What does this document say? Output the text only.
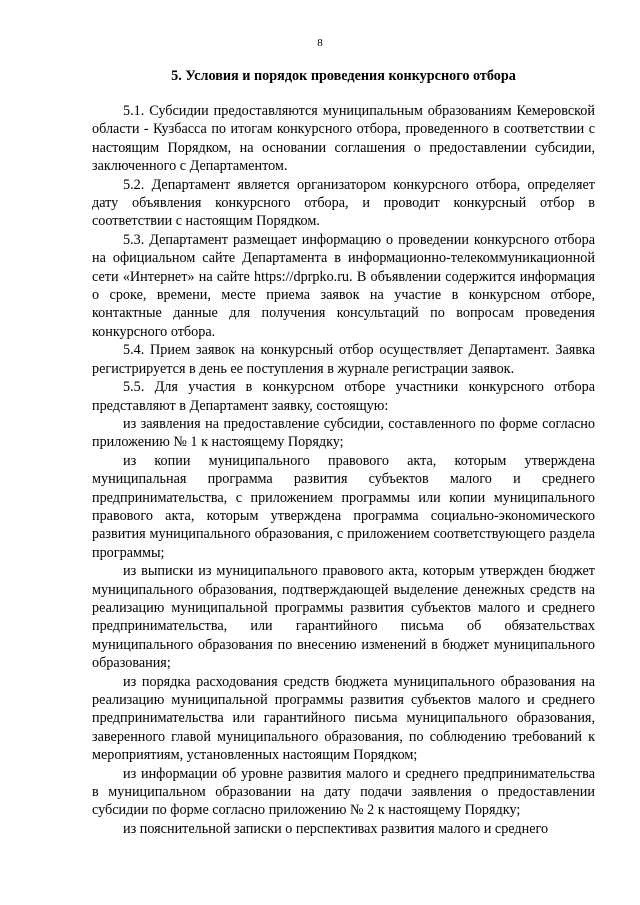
8
5. Условия и порядок проведения конкурсного отбора

5.1. Субсидии предоставляются муниципальным образованиям Кемеровской области - Кузбасса по итогам конкурсного отбора, проведенного в соответствии с настоящим Порядком, на основании соглашения о предоставлении субсидии, заключенного с Департаментом.

5.2. Департамент является организатором конкурсного отбора, определяет дату объявления конкурсного отбора, и проводит конкурсный отбор в соответствии с настоящим Порядком.

5.3. Департамент размещает информацию о проведении конкурсного отбора на официальном сайте Департамента в информационно-телекоммуникационной сети «Интернет» на сайте https://dprpko.ru. В объявлении содержится информация о сроке, времени, месте приема заявок на участие в конкурсном отборе, контактные данные для получения консультаций по вопросам проведения конкурсного отбора.

5.4. Прием заявок на конкурсный отбор осуществляет Департамент. Заявка регистрируется в день ее поступления в журнале регистрации заявок.

5.5. Для участия в конкурсном отборе участники конкурсного отбора представляют в Департамент заявку, состоящую:

из заявления на предоставление субсидии, составленного по форме согласно приложению № 1 к настоящему Порядку;

из копии муниципального правового акта, которым утверждена муниципальная программа развития субъектов малого и среднего предпринимательства, с приложением программы или копии муниципального правового акта, которым утверждена программа социально-экономического развития муниципального образования, с приложением соответствующего раздела программы;

из выписки из муниципального правового акта, которым утвержден бюджет муниципального образования, подтверждающей выделение денежных средств на реализацию муниципальной программы развития субъектов малого и среднего предпринимательства, или гарантийного письма об обязательствах муниципального образования по внесению изменений в бюджет муниципального образования;

из порядка расходования средств бюджета муниципального образования на реализацию муниципальной программы развития субъектов малого и среднего предпринимательства или гарантийного письма муниципального образования, заверенного главой муниципального образования, по соблюдению требований к мероприятиям, установленных настоящим Порядком;

из информации об уровне развития малого и среднего предпринимательства в муниципальном образовании на дату подачи заявления о предоставлении субсидии по форме согласно приложению № 2 к настоящему Порядку;

из пояснительной записки о перспективах развития малого и среднего
